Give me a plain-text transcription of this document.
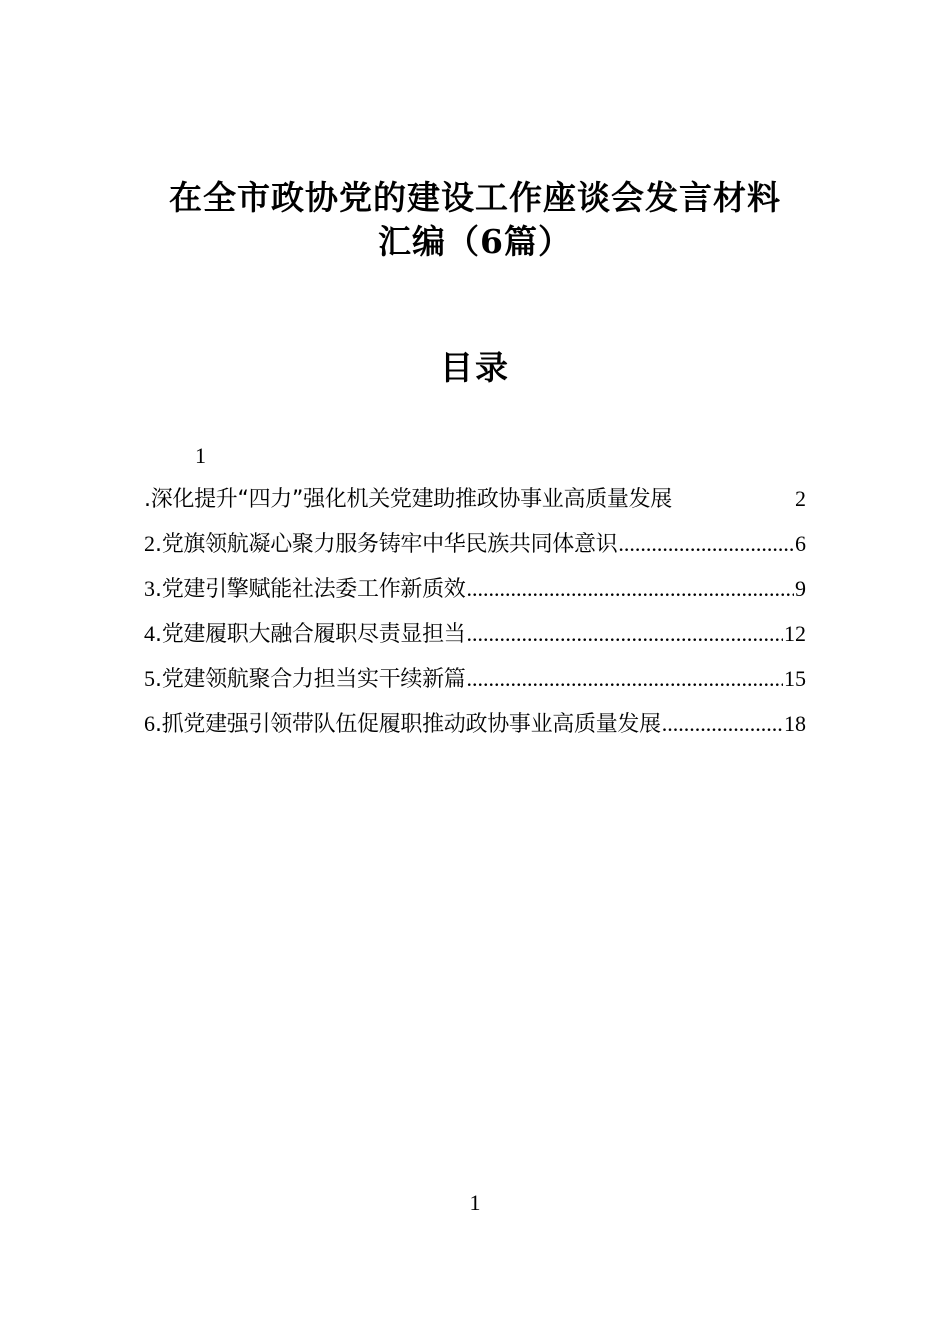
在全市政协党的建设工作座谈会发言材料
汇编（6篇）
目录
1
.深化提升“四力”强化机关党建助推政协事业高质量发展	2
2 .党旗领航凝心聚力服务铸牢中华民族共同体意识 .....	6
3 .党建引擎赋能社法委工作新质效 .....	9
4 .党建履职大融合履职尽责显担当 .....	12
5 .党建领航聚合力担当实干续新篇 .....	15
6 .抓党建强引领带队伍促履职推动政协事业高质量发展 .....	18
1
